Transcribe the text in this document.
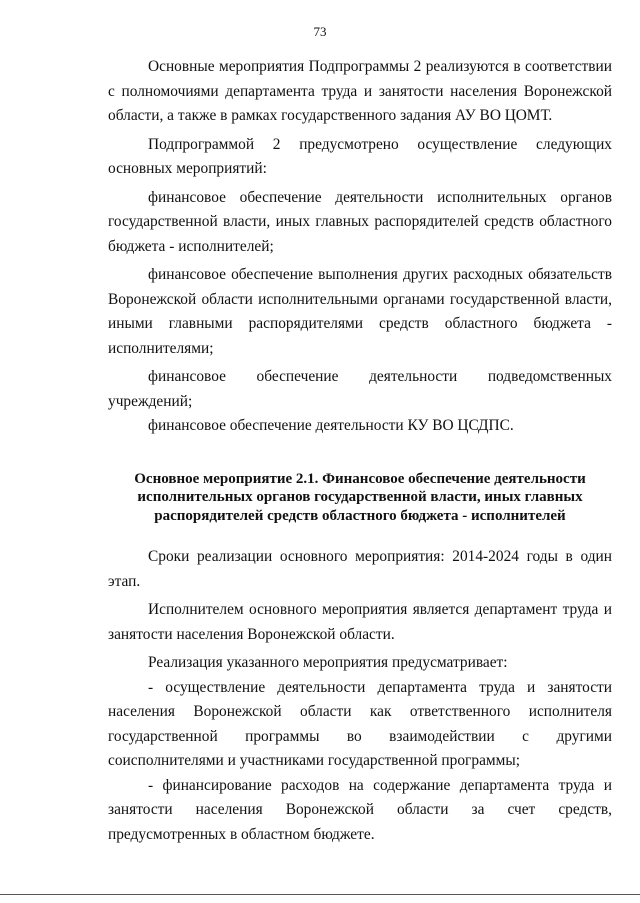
73

Основные мероприятия Подпрограммы 2 реализуются в соответствии с полномочиями департамента труда и занятости населения Воронежской области, а также в рамках государственного задания АУ ВО ЦОМТ.

Подпрограммой 2 предусмотрено осуществление следующих основных мероприятий:

финансовое обеспечение деятельности исполнительных органов государственной власти, иных главных распорядителей средств областного бюджета - исполнителей;

финансовое обеспечение выполнения других расходных обязательств Воронежской области исполнительными органами государственной власти, иными главными распорядителями средств областного бюджета - исполнителями;

финансовое обеспечение деятельности подведомственных учреждений;

финансовое обеспечение деятельности КУ ВО ЦСДПС.

Основное мероприятие 2.1. Финансовое обеспечение деятельности исполнительных органов государственной власти, иных главных распорядителей средств областного бюджета - исполнителей

Сроки реализации основного мероприятия: 2014-2024 годы в один этап.

Исполнителем основного мероприятия является департамент труда и занятости населения Воронежской области.

Реализация указанного мероприятия предусматривает:

- осуществление деятельности департамента труда и занятости населения Воронежской области как ответственного исполнителя государственной программы во взаимодействии с другими соисполнителями и участниками государственной программы;

- финансирование расходов на содержание департамента труда и занятости населения Воронежской области за счет средств, предусмотренных в областном бюджете.
